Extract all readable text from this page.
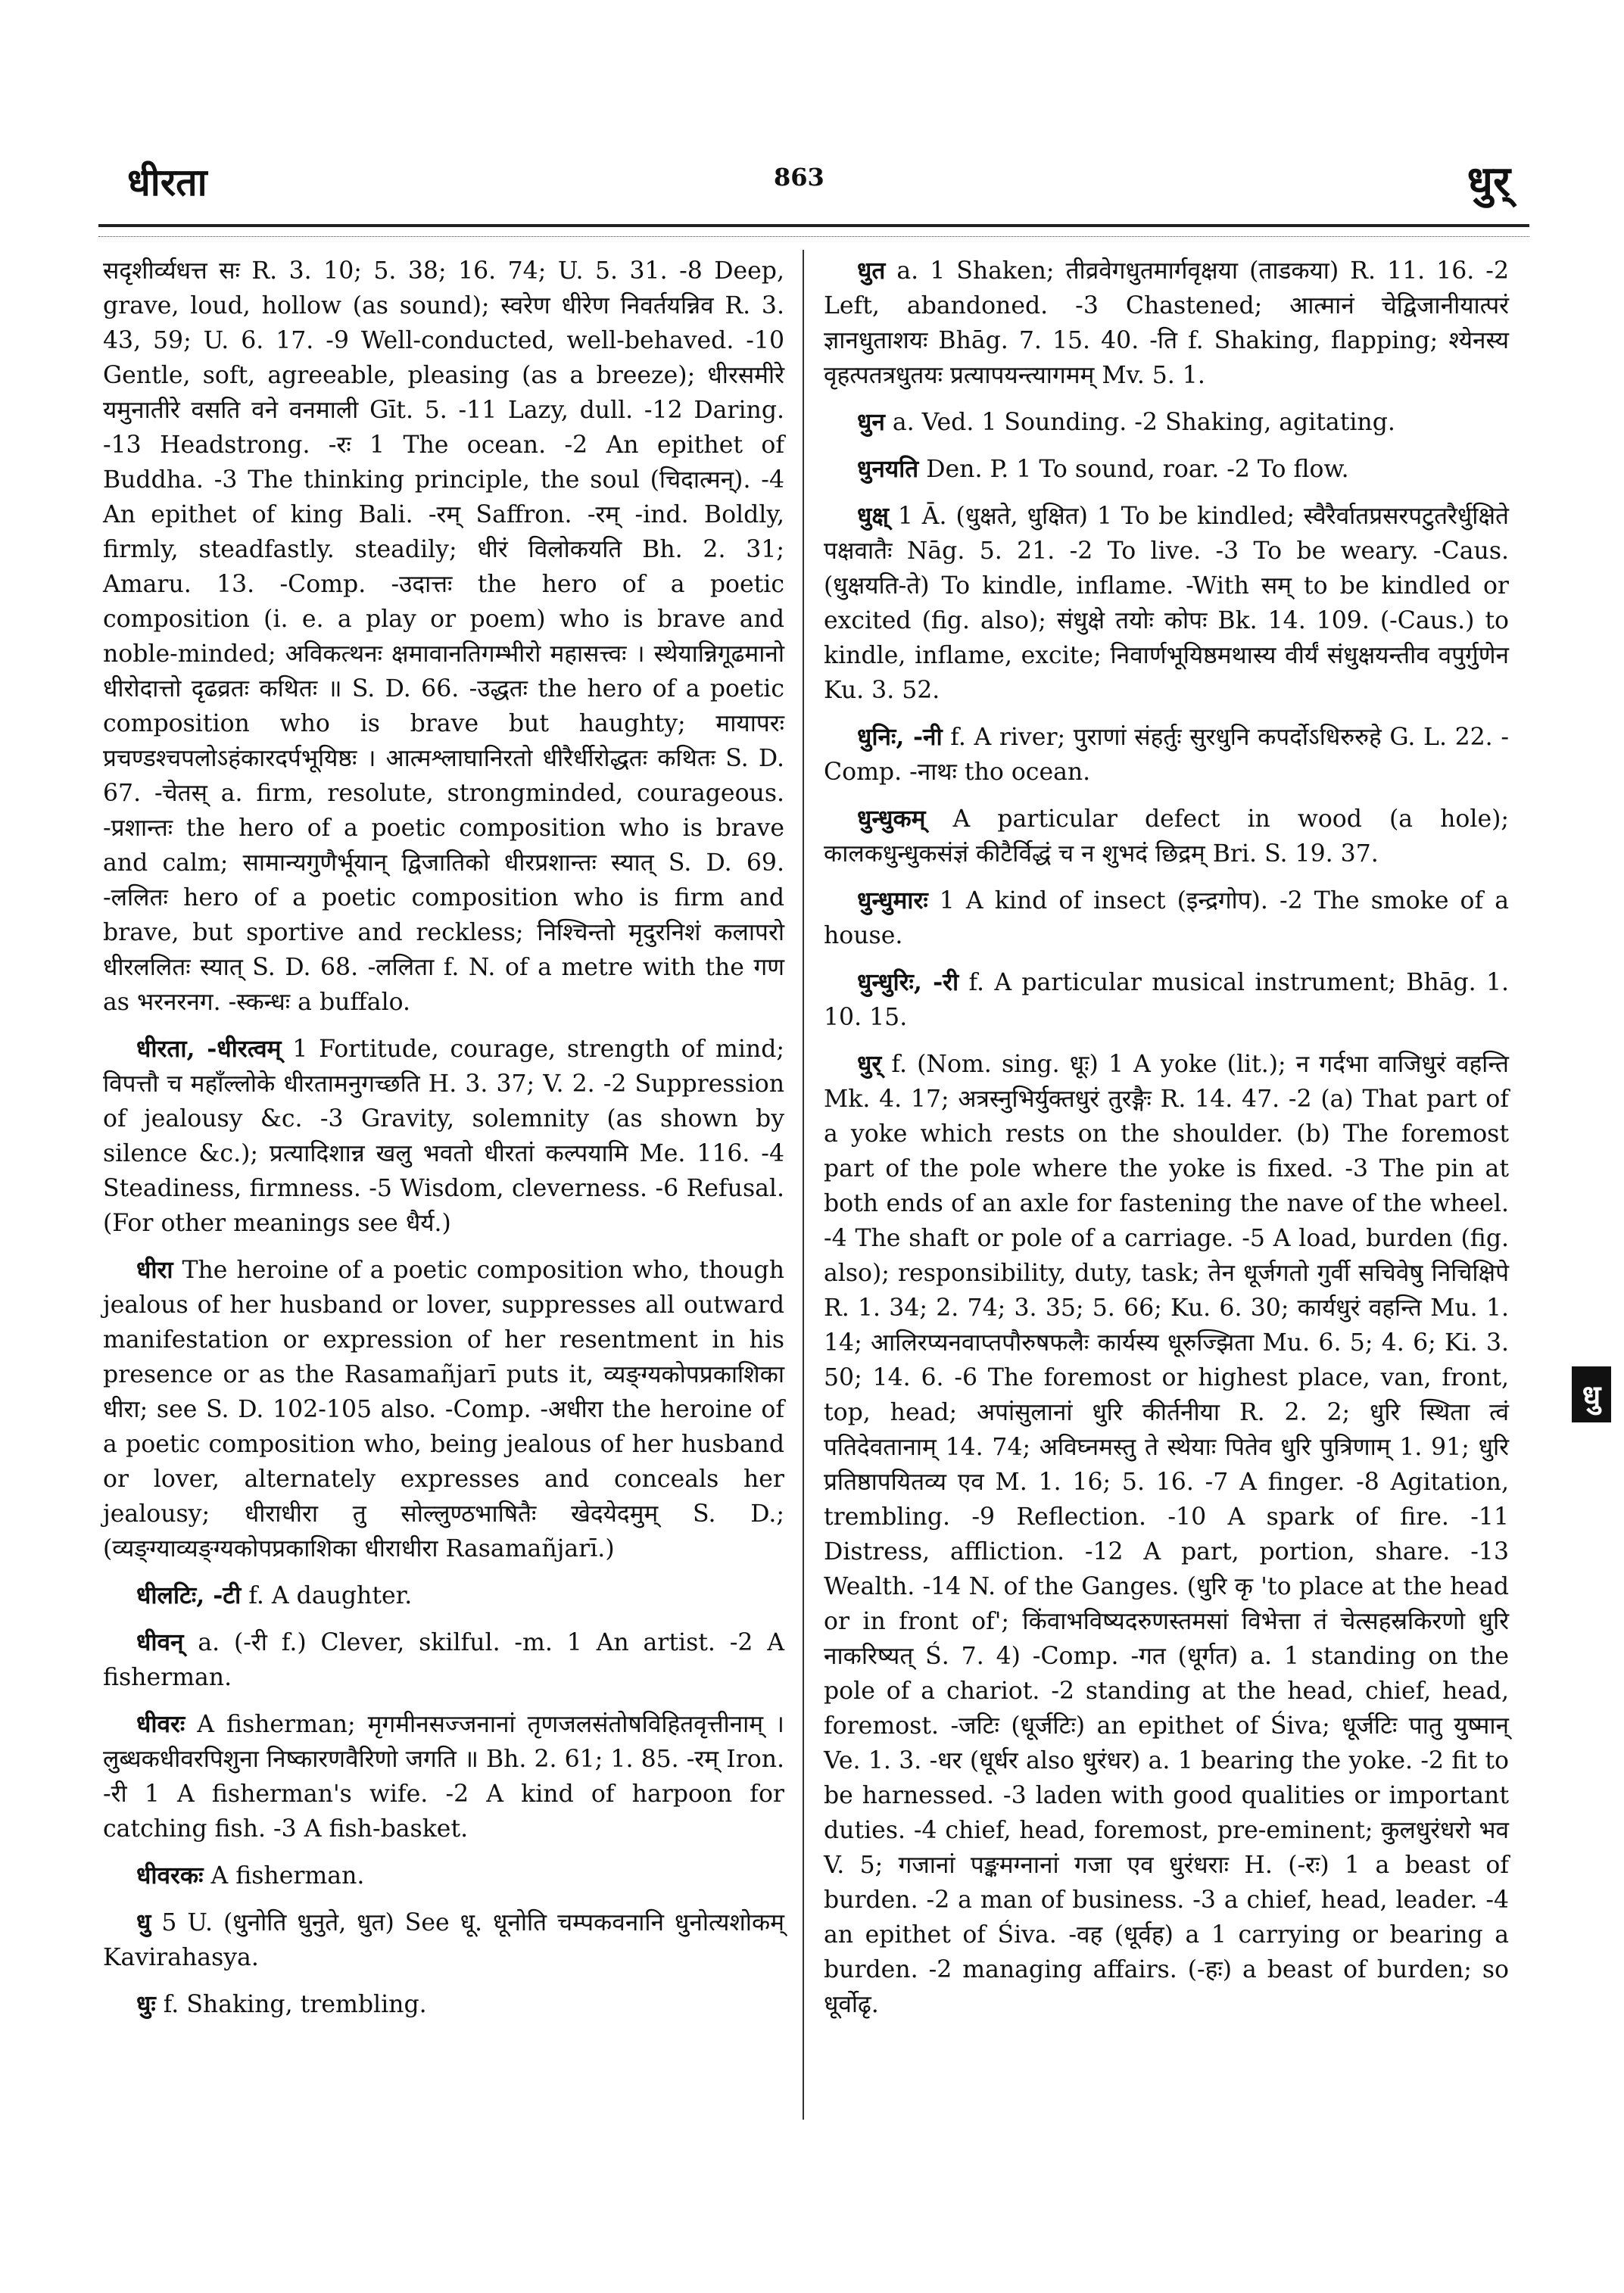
धीरता	863	धुर्

सदृशीर्व्यधत्त सः R. 3. 10; 5. 38; 16. 74; U. 5. 31. -8 Deep, grave, loud, hollow (as sound); स्वरेण धीरेण निवर्तयन्निव R. 3. 43, 59; U. 6. 17. -9 Well-conducted, well-behaved. -10 Gentle, soft, agreeable, pleasing (as a breeze); धीरसमीरे यमुनातीरे वसति वने वनमाली Gīt. 5. -11 Lazy, dull. -12 Daring. -13 Headstrong. -रः 1 The ocean. -2 An epithet of Buddha. -3 The thinking principle, the soul (चिदात्मन्). -4 An epithet of king Bali. -रम् Saffron. -रम् -ind. Boldly, firmly, steadfastly. steadily; धीरं विलोकयति Bh. 2. 31; Amaru. 13. -Comp. -उदात्तः the hero of a poetic composition (i. e. a play or poem) who is brave and noble-minded; अविकत्थनः क्षमावानतिगम्भीरो महासत्त्वः । स्थेयान्निगूढमानो धीरोदात्तो दृढव्रतः कथितः ॥ S. D. 66. -उद्धतः the hero of a poetic composition who is brave but haughty; मायापरः प्रचण्डश्चपलोऽहंकारदर्पभूयिष्ठः । आत्मश्लाघानिरतो धीरैर्धीरोद्धतः कथितः S. D. 67. -चेतस् a. firm, resolute, strongminded, courageous. -प्रशान्तः the hero of a poetic composition who is brave and calm; सामान्यगुणैर्भूयान् द्विजातिको धीरप्रशान्तः स्यात् S. D. 69. -ललितः hero of a poetic composition who is firm and brave, but sportive and reckless; निश्चिन्तो मृदुरनिशं कलापरो धीरललितः स्यात् S. D. 68. -ललिता f. N. of a metre with the गण as भरनरनग. -स्कन्धः a buffalo.

धीरता, -धीरत्वम् 1 Fortitude, courage, strength of mind; विपत्तौ च महाँल्लोके धीरतामनुगच्छति H. 3. 37; V. 2. -2 Suppression of jealousy &c. -3 Gravity, solemnity (as shown by silence &c.); प्रत्यादिशान्न खलु भवतो धीरतां कल्पयामि Me. 116. -4 Steadiness, firmness. -5 Wisdom, cleverness. -6 Refusal. (For other meanings see धैर्य.)

धीरा The heroine of a poetic composition who, though jealous of her husband or lover, suppresses all outward manifestation or expression of her resentment in his presence or as the Rasamañjarī puts it, व्यङ्ग्यकोपप्रकाशिका धीरा; see S. D. 102-105 also. -Comp. -अधीरा the heroine of a poetic composition who, being jealous of her husband or lover, alternately expresses and conceals her jealousy; धीराधीरा तु सोल्लुण्ठभाषितैः खेदयेदमुम् S. D.; (व्यङ्ग्याव्यङ्ग्यकोपप्रकाशिका धीराधीरा Rasamañjarī.)

धीलटिः, -टी f. A daughter.

धीवन् a. (-री f.) Clever, skilful. -m. 1 An artist. -2 A fisherman.

धीवरः A fisherman; मृगमीनसज्जनानां तृणजलसंतोषविहितवृत्तीनाम् । लुब्धकधीवरपिशुना निष्कारणवैरिणो जगति ॥ Bh. 2. 61; 1. 85. -रम् Iron. -री 1 A fisherman's wife. -2 A kind of harpoon for catching fish. -3 A fish-basket.

धीवरकः A fisherman.

धु 5 U. (धुनोति धुनुते, धुत) See धू. धूनोति चम्पकवनानि धुनोत्यशोकम् Kavirahasya.

धुः f. Shaking, trembling.

धुत a. 1 Shaken; तीव्रवेगधुतमार्गवृक्षया (ताडकया) R. 11. 16. -2 Left, abandoned. -3 Chastened; आत्मानं चेद्विजानीयात्परं ज्ञानधुताशयः Bhāg. 7. 15. 40. -ति f. Shaking, flapping; श्येनस्य वृहत्पतत्रधुतयः प्रत्यापयन्त्यागमम् Mv. 5. 1.

धुन a. Ved. 1 Sounding. -2 Shaking, agitating.

धुनयति Den. P. 1 To sound, roar. -2 To flow.

धुक्ष् 1 Ā. (धुक्षते, धुक्षित) 1 To be kindled; स्वैरैर्वातप्रसरपटुतरैर्धुक्षिते पक्षवातैः Nāg. 5. 21. -2 To live. -3 To be weary. -Caus. (धुक्षयति-ते) To kindle, inflame. -With सम् to be kindled or excited (fig. also); संधुक्षे तयोः कोपः Bk. 14. 109. (-Caus.) to kindle, inflame, excite; निवार्णभूयिष्ठमथास्य वीर्यं संधुक्षयन्तीव वपुर्गुणेन Ku. 3. 52.

धुनिः, -नी f. A river; पुराणां संहर्तुः सुरधुनि कपर्दोऽधिरुरुहे G. L. 22. -Comp. -नाथः tho ocean.

धुन्धुकम् A particular defect in wood (a hole); कालकधुन्धुकसंज्ञं कीटैर्विद्धं च न शुभदं छिद्रम् Bri. S. 19. 37.

धुन्धुमारः 1 A kind of insect (इन्द्रगोप). -2 The smoke of a house.

धुन्धुरिः, -री f. A particular musical instrument; Bhāg. 1. 10. 15.

धुर् f. (Nom. sing. धूः) 1 A yoke (lit.); न गर्दभा वाजिधुरं वहन्ति Mk. 4. 17; अत्रस्नुभिर्युक्तधुरं तुरङ्गैः R. 14. 47. -2 (a) That part of a yoke which rests on the shoulder. (b) The foremost part of the pole where the yoke is fixed. -3 The pin at both ends of an axle for fastening the nave of the wheel. -4 The shaft or pole of a carriage. -5 A load, burden (fig. also); responsibility, duty, task; तेन धूर्जगतो गुर्वी सचिवेषु निचिक्षिपे R. 1. 34; 2. 74; 3. 35; 5. 66; Ku. 6. 30; कार्यधुरं वहन्ति Mu. 1. 14; आलिरप्यनवाप्तपौरुषफलैः कार्यस्य धूरुज्झिता Mu. 6. 5; 4. 6; Ki. 3. 50; 14. 6. -6 The foremost or highest place, van, front, top, head; अपांसुलानां धुरि कीर्तनीया R. 2. 2; धुरि स्थिता त्वं पतिदेवतानाम् 14. 74; अविघ्नमस्तु ते स्थेयाः पितेव धुरि पुत्रिणाम् 1. 91; धुरि प्रतिष्ठापयितव्य एव M. 1. 16; 5. 16. -7 A finger. -8 Agitation, trembling. -9 Reflection. -10 A spark of fire. -11 Distress, affliction. -12 A part, portion, share. -13 Wealth. -14 N. of the Ganges. (धुरि कृ 'to place at the head or in front of'; किंवाभविष्यदरुणस्तमसां विभेत्ता तं चेत्सहस्रकिरणो धुरि नाकरिष्यत् Ś. 7. 4) -Comp. -गत (धूर्गत) a. 1 standing on the pole of a chariot. -2 standing at the head, chief, head, foremost. -जटिः (धूर्जटिः) an epithet of Śiva; धूर्जटिः पातु युष्मान् Ve. 1. 3. -धर (धूर्धर also धुरंधर) a. 1 bearing the yoke. -2 fit to be harnessed. -3 laden with good qualities or important duties. -4 chief, head, foremost, pre-eminent; कुलधुरंधरो भव V. 5; गजानां पङ्कमग्नानां गजा एव धुरंधराः H. (-रः) 1 a beast of burden. -2 a man of business. -3 a chief, head, leader. -4 an epithet of Śiva. -वह (धूर्वह) a 1 carrying or bearing a burden. -2 managing affairs. (-हः) a beast of burden; so धूर्वोढृ.

धु
